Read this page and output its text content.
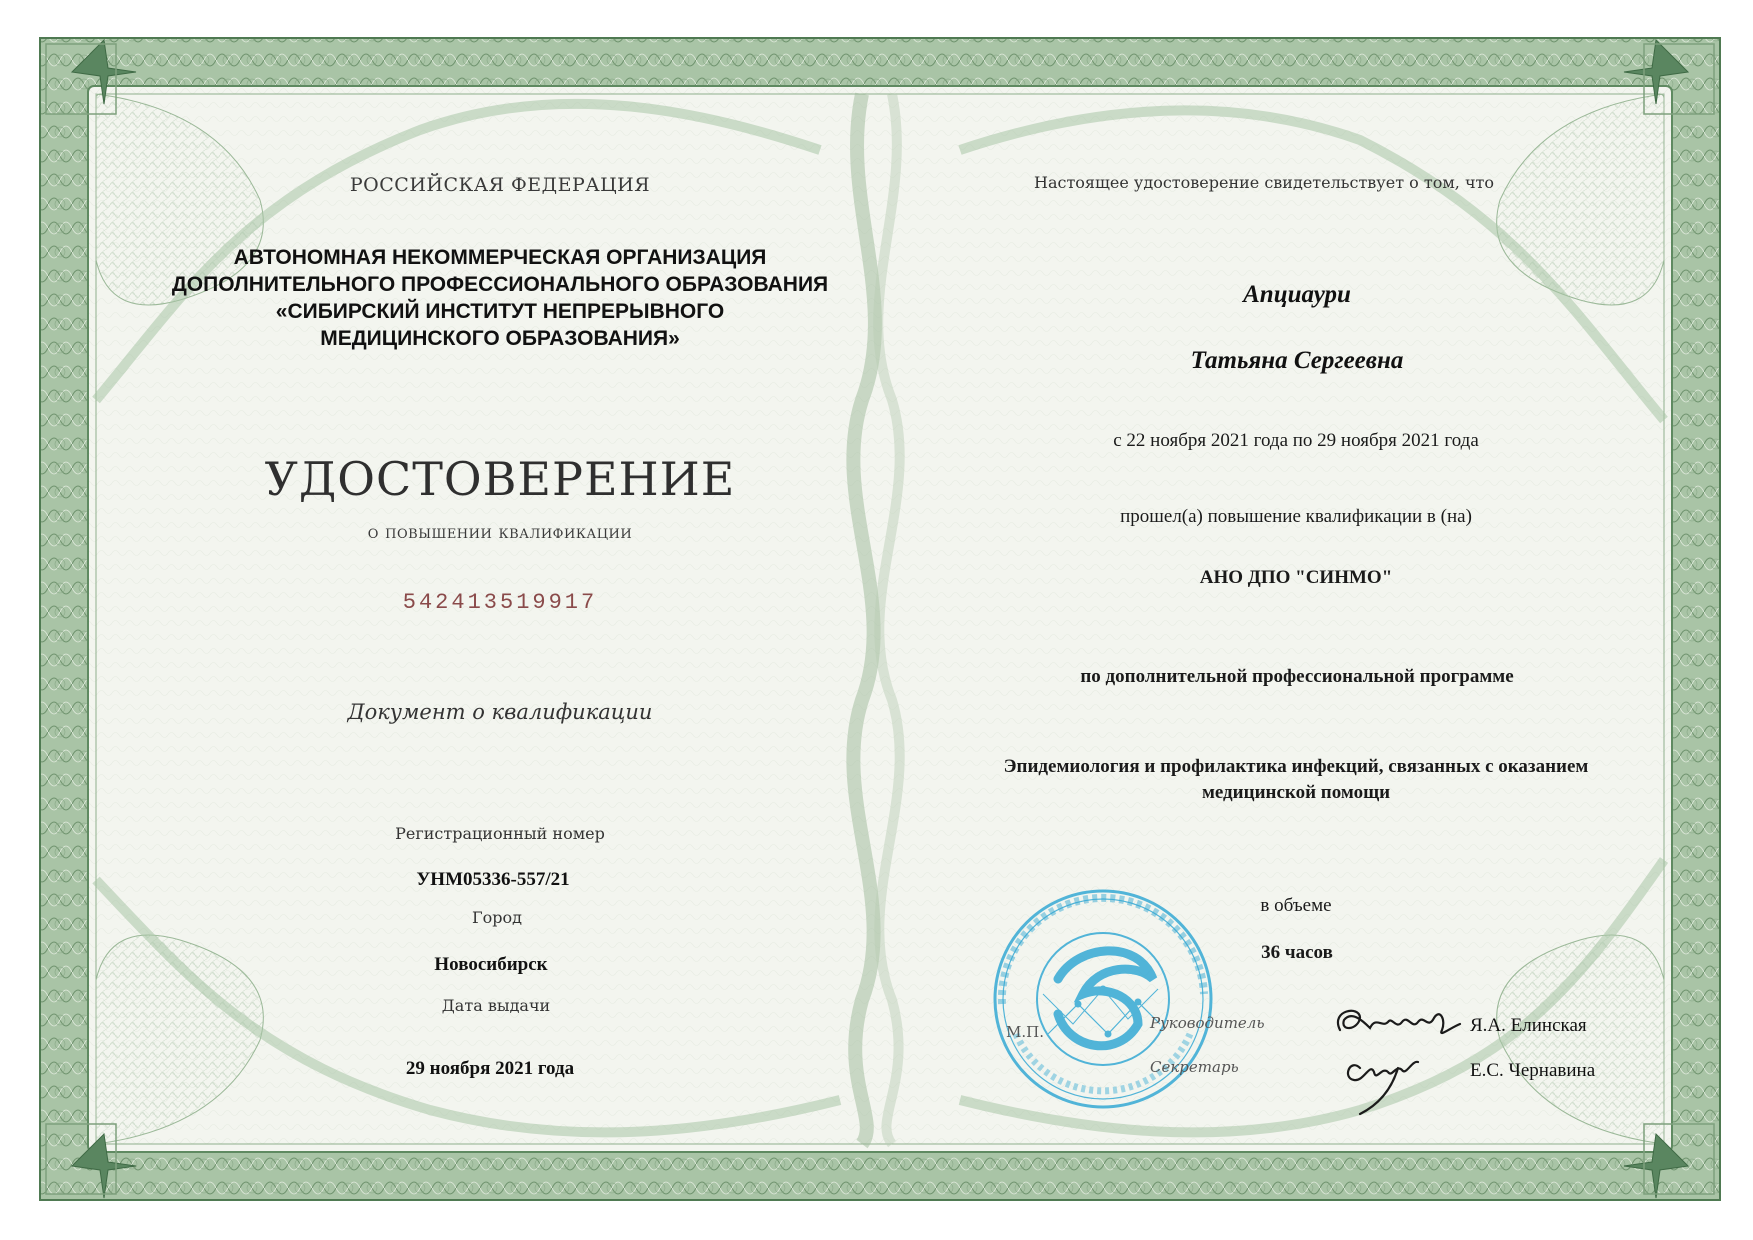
РОССИЙСКАЯ ФЕДЕРАЦИЯ
АВТОНОМНАЯ НЕКОММЕРЧЕСКАЯ ОРГАНИЗАЦИЯ
ДОПОЛНИТЕЛЬНОГО ПРОФЕССИОНАЛЬНОГО ОБРАЗОВАНИЯ
«СИБИРСКИЙ ИНСТИТУТ НЕПРЕРЫВНОГО
МЕДИЦИНСКОГО ОБРАЗОВАНИЯ»
УДОСТОВЕРЕНИЕ
о повышении квалификации
542413519917
Документ о квалификации
Регистрационный номер
УНМ05336-557/21
Город
Новосибирск
Дата выдачи
29 ноября 2021 года
Настоящее удостоверение свидетельствует о том, что
Апциаури
Татьяна Сергеевна
с 22 ноября 2021 года по 29 ноября 2021 года
прошел(а) повышение квалификации в (на)
АНО ДПО "СИНМО"
по дополнительной профессиональной программе
Эпидемиология и профилактика инфекций, связанных с оказанием
медицинской помощи
в объеме
36 часов
М.П.	Руководитель
Секретарь
Я.А. Елинская
Е.С. Чернавина
